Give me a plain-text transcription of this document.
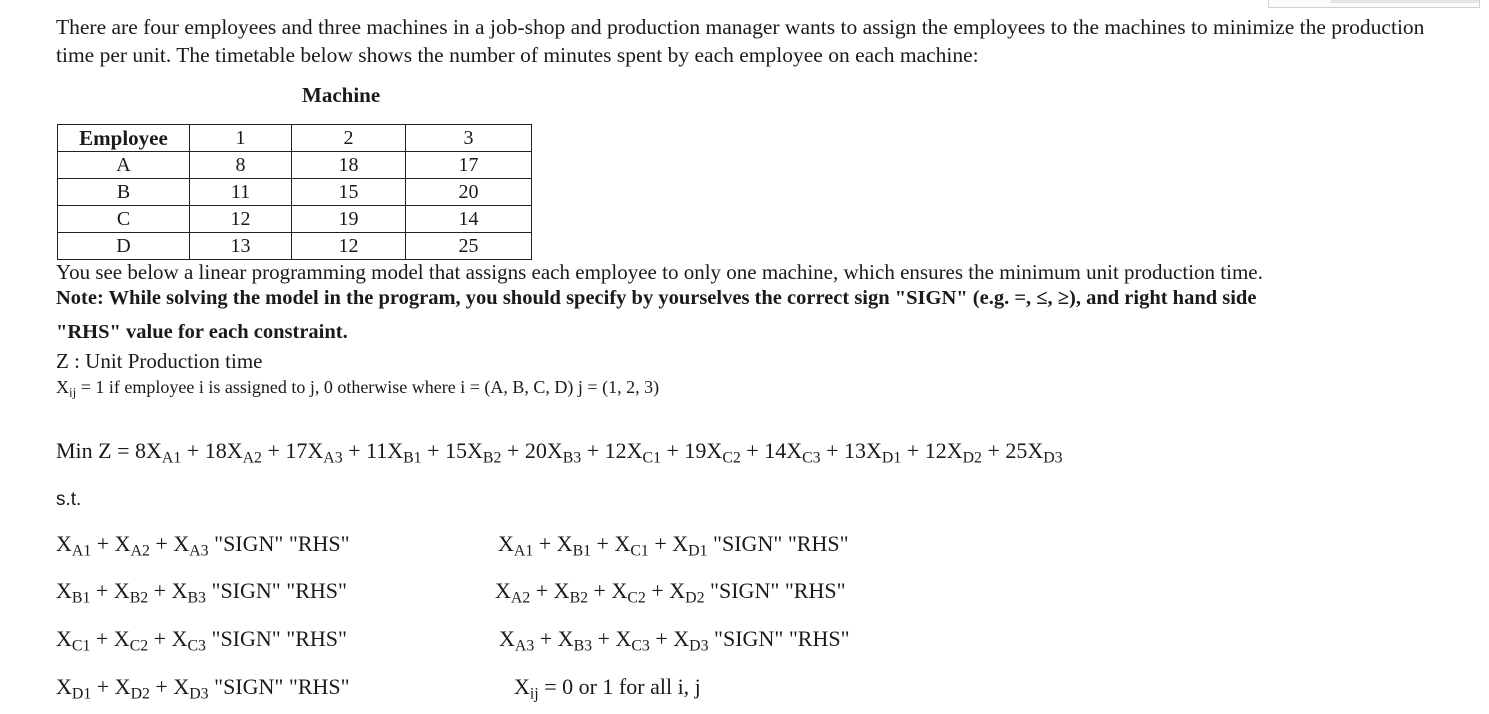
There are four employees and three machines in a job-shop and production manager wants to assign the employees to the machines to minimize the production time per unit. The timetable below shows the number of minutes spent by each employee on each machine:
Machine
Employee	1	2	3
A	8	18	17
B	11	15	20
C	12	19	14
D	13	12	25
You see below a linear programming model that assigns each employee to only one machine, which ensures the minimum unit production time.
Note: While solving the model in the program, you should specify by yourselves the correct sign "SIGN" (e.g. =, ≤, ≥), and right hand side
"RHS" value for each constraint.
Z : Unit Production time
$X_{ij} = 1$ if employee i is assigned to j, 0 otherwise where i = (A, B, C, D) j = (1, 2, 3)
Min $Z = 8X_{A1} + 18X_{A2} + 17X_{A3} + 11X_{B1} + 15X_{B2} + 20X_{B3} + 12X_{C1} + 19X_{C2} + 14X_{C3} + 13X_{D1} + 12X_{D2} + 25X_{D3}$
s.t.
$X_{A1} + X_{A2} + X_{A3}$ "SIGN" "RHS"
$X_{B1} + X_{B2} + X_{B3}$ "SIGN" "RHS"
$X_{C1} + X_{C2} + X_{C3}$ "SIGN" "RHS"
$X_{D1} + X_{D2} + X_{D3}$ "SIGN" "RHS"
$X_{A1} + X_{B1} + X_{C1} + X_{D1}$ "SIGN" "RHS"
$X_{A2} + X_{B2} + X_{C2} + X_{D2}$ "SIGN" "RHS"
$X_{A3} + X_{B3} + X_{C3} + X_{D3}$ "SIGN" "RHS"
$X_{ij} = 0$ or 1 for all i, j
